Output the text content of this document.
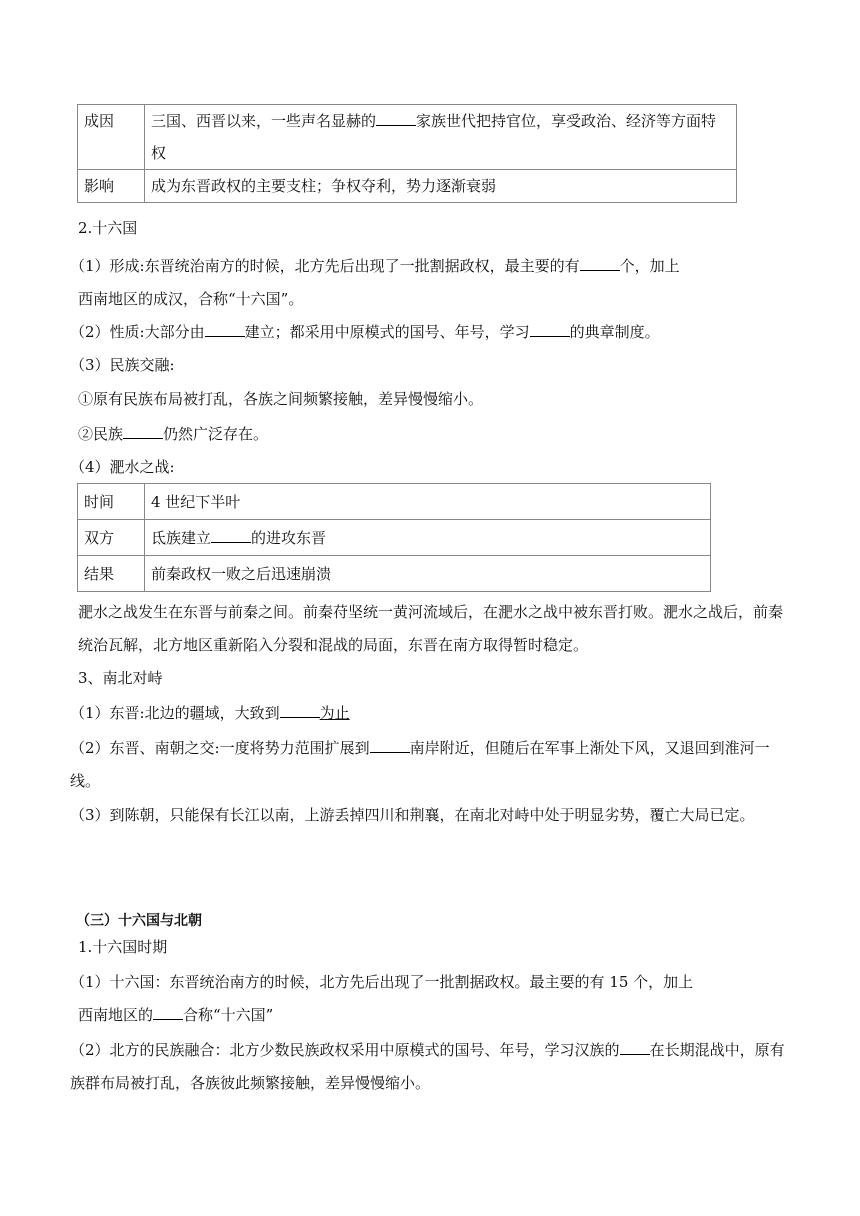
成因	三国、西晋以来，一些声名显赫的 家族世代把持官位，享受政治、经济等方面特权
影响	成为东晋政权的主要支柱；争权夺利，势力逐渐衰弱
2.十六国
（1）形成:东晋统治南方的时候，北方先后出现了一批割据政权，最主要的有	个，加上
西南地区的成汉，合称“十六国”。
（2）性质:大部分由	建立；都采用中原模式的国号、年号，学习	的典章制度。
（3）民族交融:
①原有民族布局被打乱，各族之间频繁接触，差异慢慢缩小。
②民族	仍然广泛存在。
（4）淝水之战:
时间	4 世纪下半叶
双方	氐族建立 的进攻东晋
结果	前秦政权一败之后迅速崩溃
淝水之战发生在东晋与前秦之间。前秦苻坚统一黄河流域后，在淝水之战中被东晋打败。淝水之战后，前秦统治瓦解，北方地区重新陷入分裂和混战的局面，东晋在南方取得暂时稳定。
3、南北对峙
（1）东晋:北边的疆域，大致到	为止
（2）东晋、南朝之交:一度将势力范围扩展到	南岸附近，但随后在军事上渐处下风，又退回到淮河一线。
（3）到陈朝，只能保有长江以南，上游丢掉四川和荆襄，在南北对峙中处于明显劣势，覆亡大局已定。
（三）十六国与北朝
1.十六国时期
（1）十六国：东晋统治南方的时候，北方先后出现了一批割据政权。最主要的有 15 个，加上
西南地区的 合称“十六国”
（2）北方的民族融合：北方少数民族政权采用中原模式的国号、年号，学习汉族的 在长期混战中，原有族群布局被打乱，各族彼此频繁接触，差异慢慢缩小。
